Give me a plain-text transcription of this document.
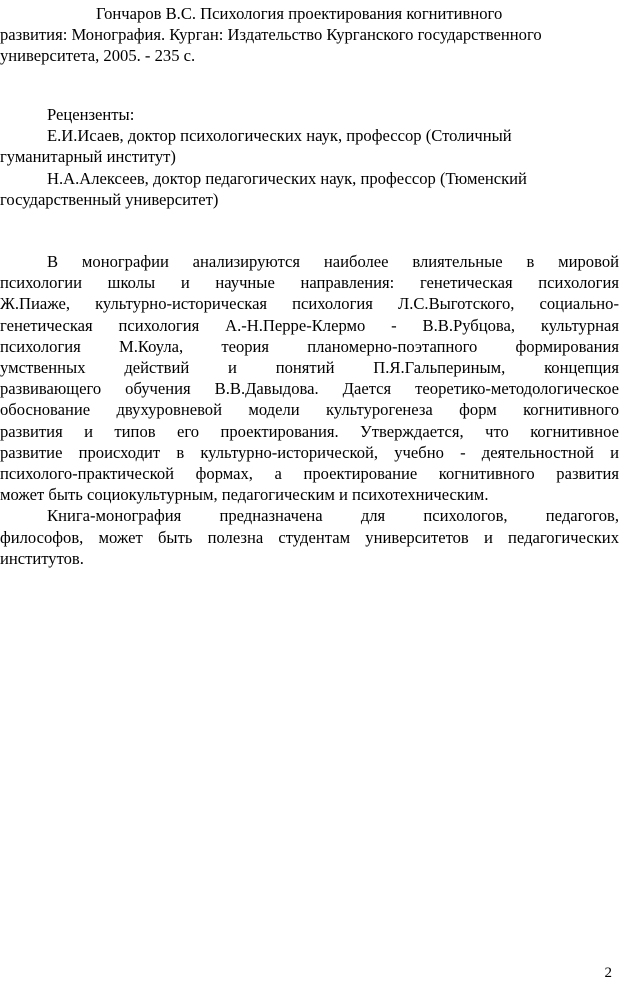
Гончаров В.С. Психология проектирования когнитивного
развития: Монография. Курган: Издательство Курганского государственного
университета, 2005. - 235 с.
Рецензенты:
Е.И.Исаев, доктор психологических наук, профессор (Столичный
гуманитарный институт)
Н.А.Алексеев, доктор педагогических наук, профессор (Тюменский
государственный университет)
В монографии анализируются наиболее влиятельные в мировой
психологии школы и научные направления: генетическая психология
Ж.Пиаже, культурно-историческая психология Л.С.Выготского, социально-
генетическая психология А.-Н.Перре-Клермо - В.В.Рубцова, культурная
психология М.Коула, теория планомерно-поэтапного формирования
умственных действий и понятий П.Я.Гальпериным, концепция
развивающего обучения В.В.Давыдова. Дается теоретико-методологическое
обоснование двухуровневой модели культурогенеза форм когнитивного
развития и типов его проектирования. Утверждается, что когнитивное
развитие происходит в культурно-исторической, учебно - деятельностной и
психолого-практической формах, а проектирование когнитивного развития
может быть социокультурным, педагогическим и психотехническим.
Книга-монография предназначена для психологов, педагогов,
философов, может быть полезна студентам университетов и педагогических
институтов.
2
